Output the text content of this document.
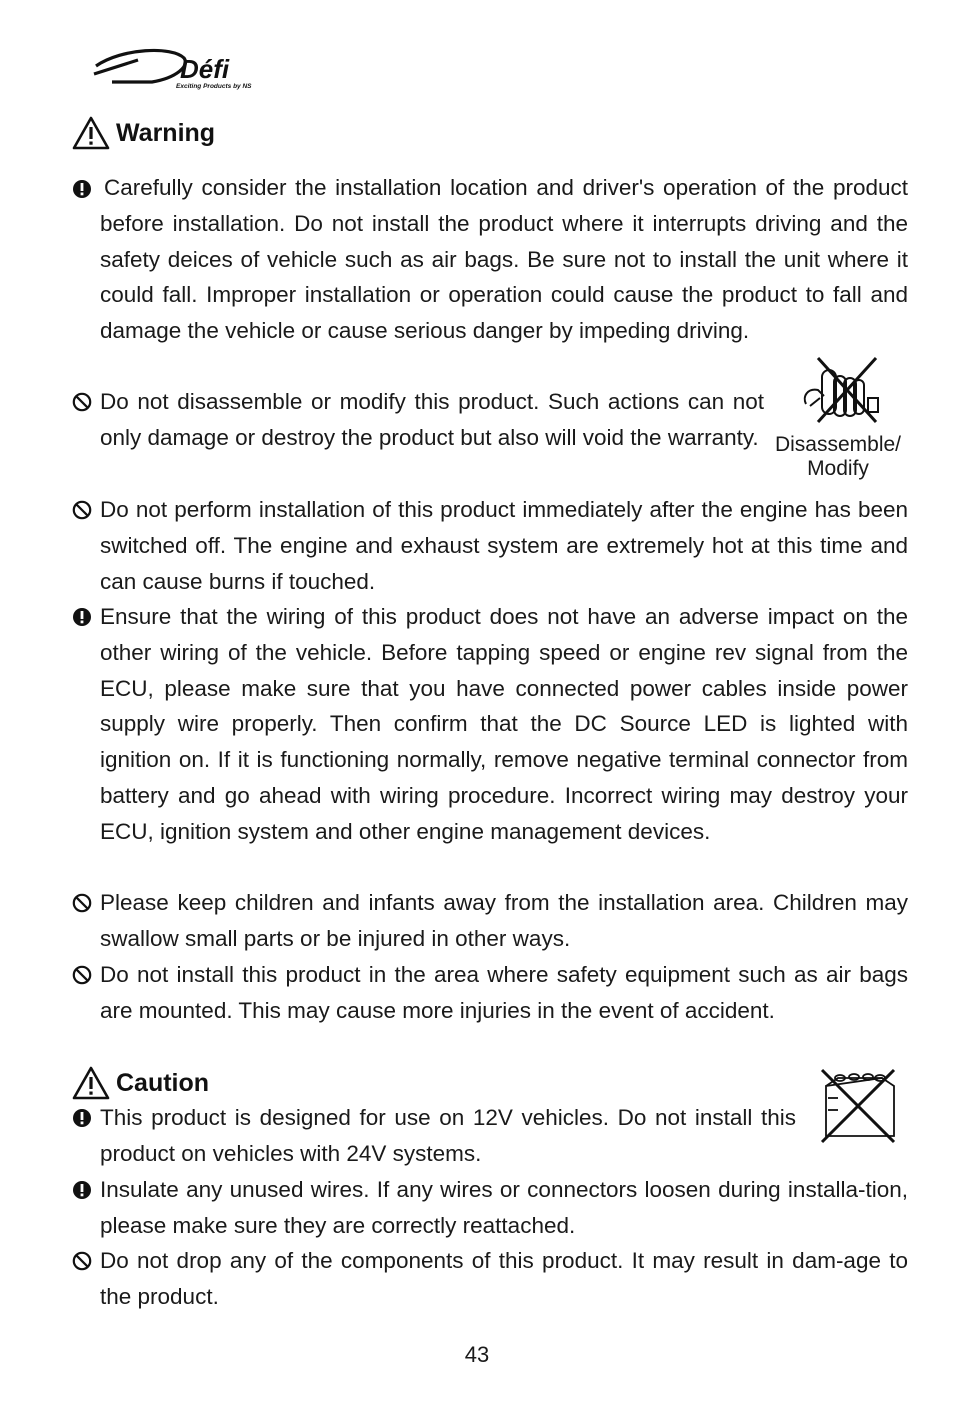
Défi
Exciting Products by NS
Warning
Carefully consider the installation location and driver's operation of the product before installation. Do not install the product where it interrupts driving and the safety deices of vehicle such as air bags. Be sure not to install the unit where it could fall. Improper installation or operation could cause the product to fall and damage the vehicle or cause serious danger by impeding driving.
Do not disassemble or modify this product. Such actions can not only damage or destroy the product but also will void the warranty.
Do not perform installation of this product immediately after the engine has been switched off. The engine and exhaust system are extremely hot at this time and can cause burns if touched.
Ensure that the wiring of this product does not have an adverse impact on the other wiring of the vehicle. Before tapping speed or engine rev signal from the ECU, please make sure that you have connected power cables inside power supply wire properly. Then confirm that the DC Source LED is lighted with ignition on. If it is functioning normally, remove negative terminal connector from battery and go ahead with wiring procedure. Incorrect wiring may destroy your ECU, ignition system and other engine management devices.
Please keep children and infants away from the installation area. Children may swallow small parts or be injured in other ways.
Do not install this product in the area where safety equipment such as air bags are mounted. This may cause more injuries in the event of accident.
Disassemble/ Modify
Caution
This product is designed for use on 12V vehicles. Do not install this product on vehicles with 24V systems.
Insulate any unused wires. If any wires or connectors loosen during installa-tion, please make sure they are correctly reattached.
Do not drop any of the components of this product. It may result in dam-age to the product.
43
